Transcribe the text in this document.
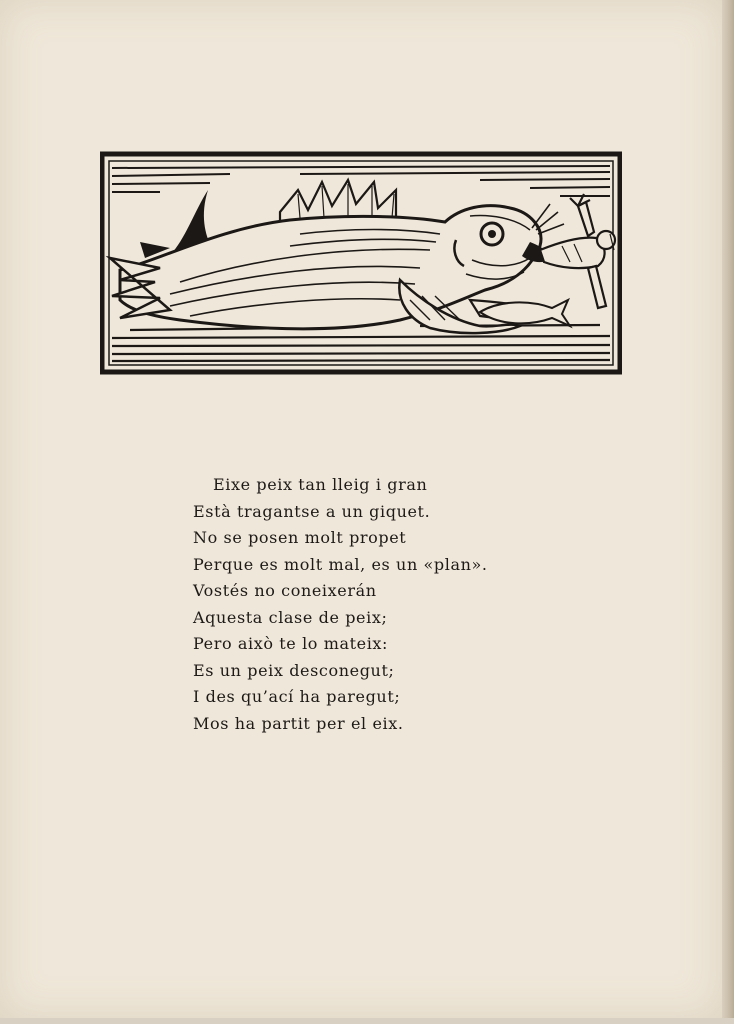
Eixe peix tan lleig i gran
Està tragantse a un giquet.
No se posen molt propet
Perque es molt mal, es un «plan».
Vostés no coneixerán
Aquesta clase de peix;
Pero això te lo mateix:
Es un peix desconegut;
I des qu’ací ha paregut;
Mos ha partit per el eix.
